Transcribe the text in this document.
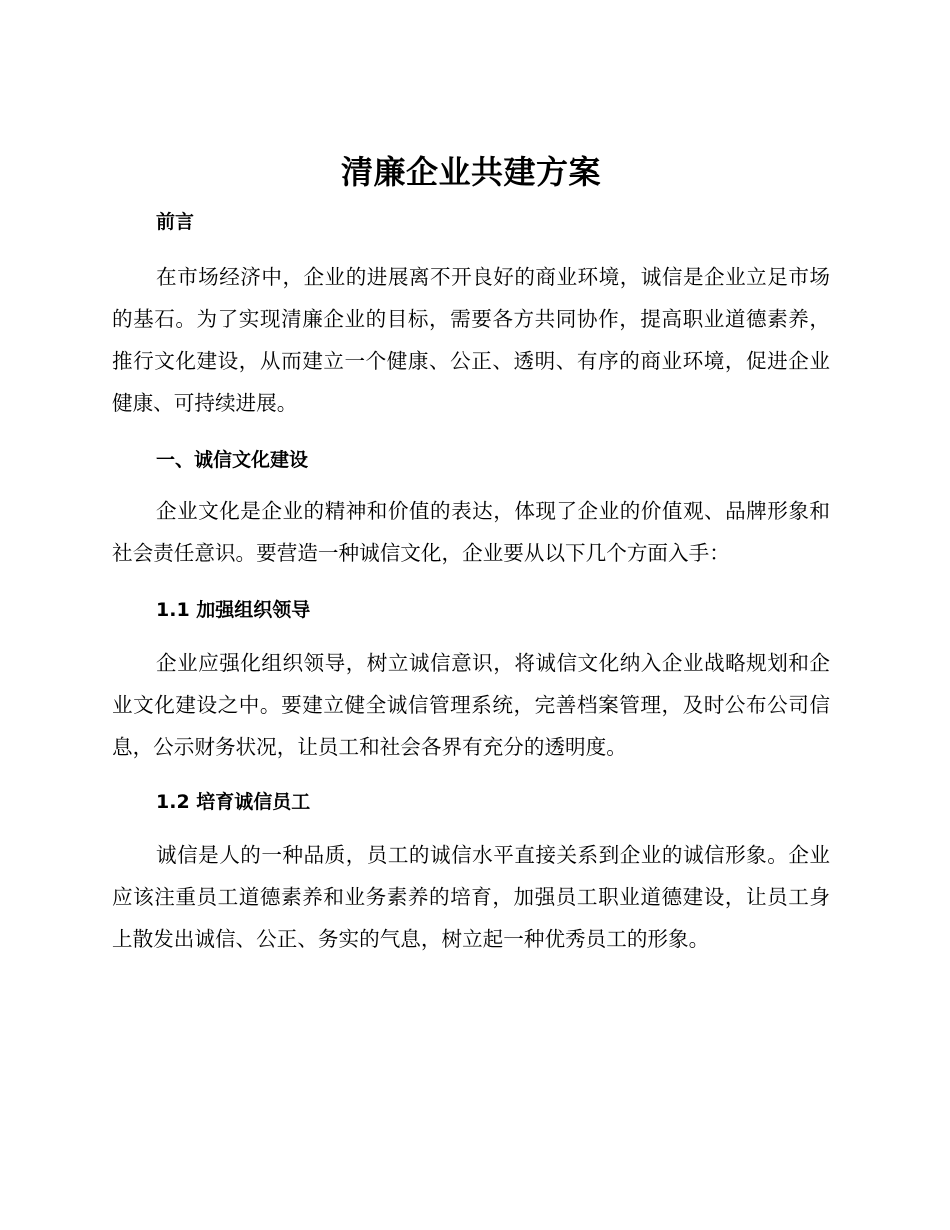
清廉企业共建方案
前言

在市场经济中，企业的进展离不开良好的商业环境，诚信是企业立足市场的基石。为了实现清廉企业的目标，需要各方共同协作，提高职业道德素养，推行文化建设，从而建立一个健康、公正、透明、有序的商业环境，促进企业健康、可持续进展。

一、诚信文化建设

企业文化是企业的精神和价值的表达，体现了企业的价值观、品牌形象和社会责任意识。要营造一种诚信文化，企业要从以下几个方面入手：

1.1 加强组织领导

企业应强化组织领导，树立诚信意识，将诚信文化纳入企业战略规划和企业文化建设之中。要建立健全诚信管理系统，完善档案管理，及时公布公司信息，公示财务状况，让员工和社会各界有充分的透明度。

1.2 培育诚信员工

诚信是人的一种品质，员工的诚信水平直接关系到企业的诚信形象。企业应该注重员工道德素养和业务素养的培育，加强员工职业道德建设，让员工身上散发出诚信、公正、务实的气息，树立起一种优秀员工的形象。
